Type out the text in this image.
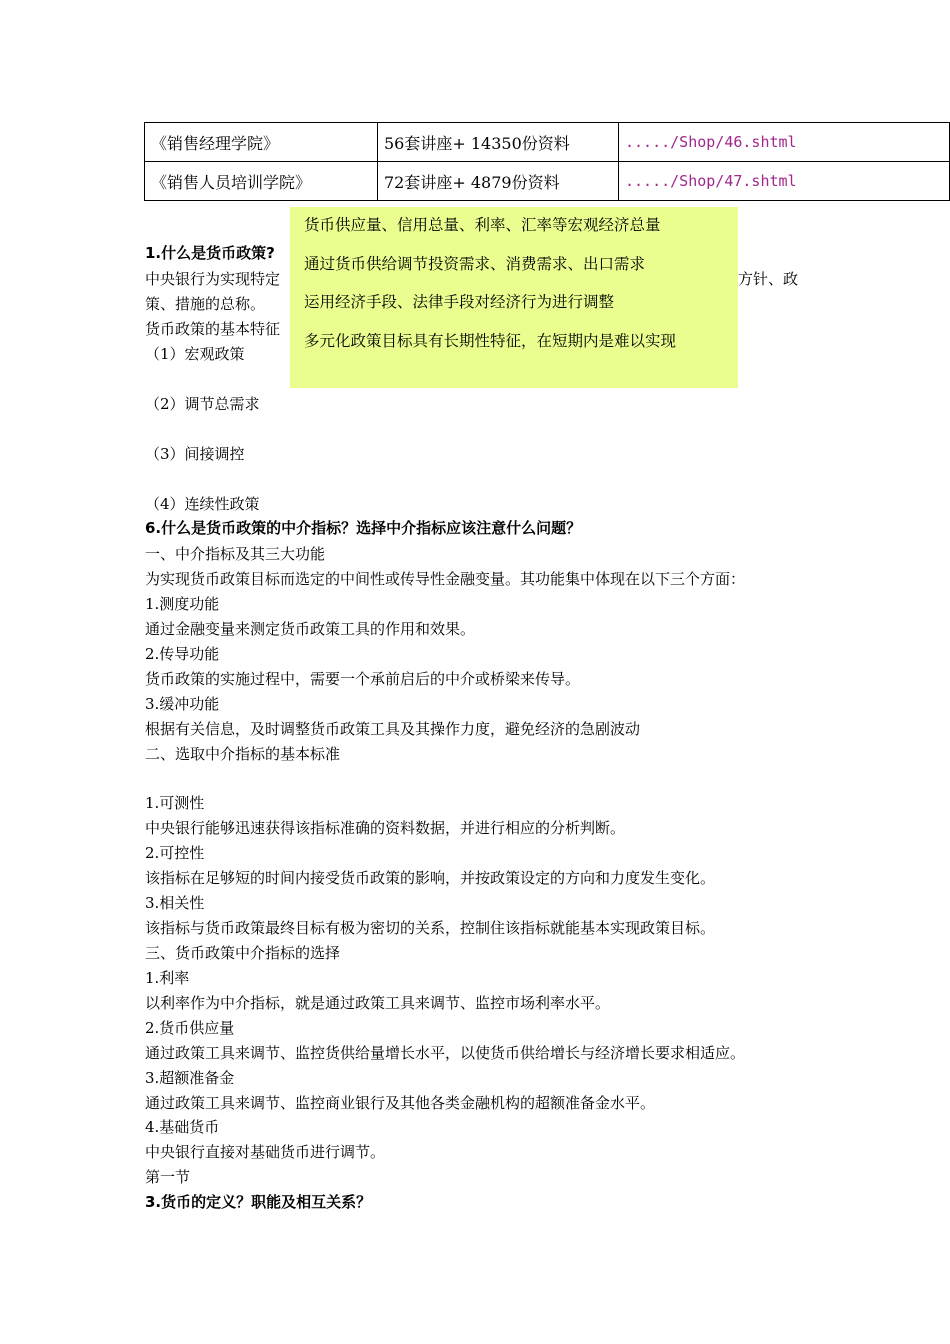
《销售经理学院》	56套讲座+ 14350份资料	...../Shop/46.shtml
《销售人员培训学院》	72套讲座+ 4879份资料	...../Shop/47.shtml
1.什么是货币政策?
中央银行为实现特定	方针、政
策、措施的总称。
货币政策的基本特征
（1）宏观政策
（2）调节总需求
（3）间接调控
（4）连续性政策
货币供应量、信用总量、利率、汇率等宏观经济总量
通过货币供给调节投资需求、消费需求、出口需求
运用经济手段、法律手段对经济行为进行调整
多元化政策目标具有长期性特征，在短期内是难以实现
6.什么是货币政策的中介指标？选择中介指标应该注意什么问题？
一、中介指标及其三大功能
为实现货币政策目标而选定的中间性或传导性金融变量。其功能集中体现在以下三个方面：
1.测度功能
通过金融变量来测定货币政策工具的作用和效果。
2.传导功能
货币政策的实施过程中，需要一个承前启后的中介或桥梁来传导。
3.缓冲功能
根据有关信息，及时调整货币政策工具及其操作力度，避免经济的急剧波动
二、选取中介指标的基本标准
1.可测性
中央银行能够迅速获得该指标准确的资料数据，并进行相应的分析判断。
2.可控性
该指标在足够短的时间内接受货币政策的影响，并按政策设定的方向和力度发生变化。
3.相关性
该指标与货币政策最终目标有极为密切的关系，控制住该指标就能基本实现政策目标。
三、货币政策中介指标的选择
1.利率
以利率作为中介指标，就是通过政策工具来调节、监控市场利率水平。
2.货币供应量
通过政策工具来调节、监控货供给量增长水平，以使货币供给增长与经济增长要求相适应。
3.超额准备金
通过政策工具来调节、监控商业银行及其他各类金融机构的超额准备金水平。
4.基础货币
中央银行直接对基础货币进行调节。
第一节
3.货币的定义？职能及相互关系？
